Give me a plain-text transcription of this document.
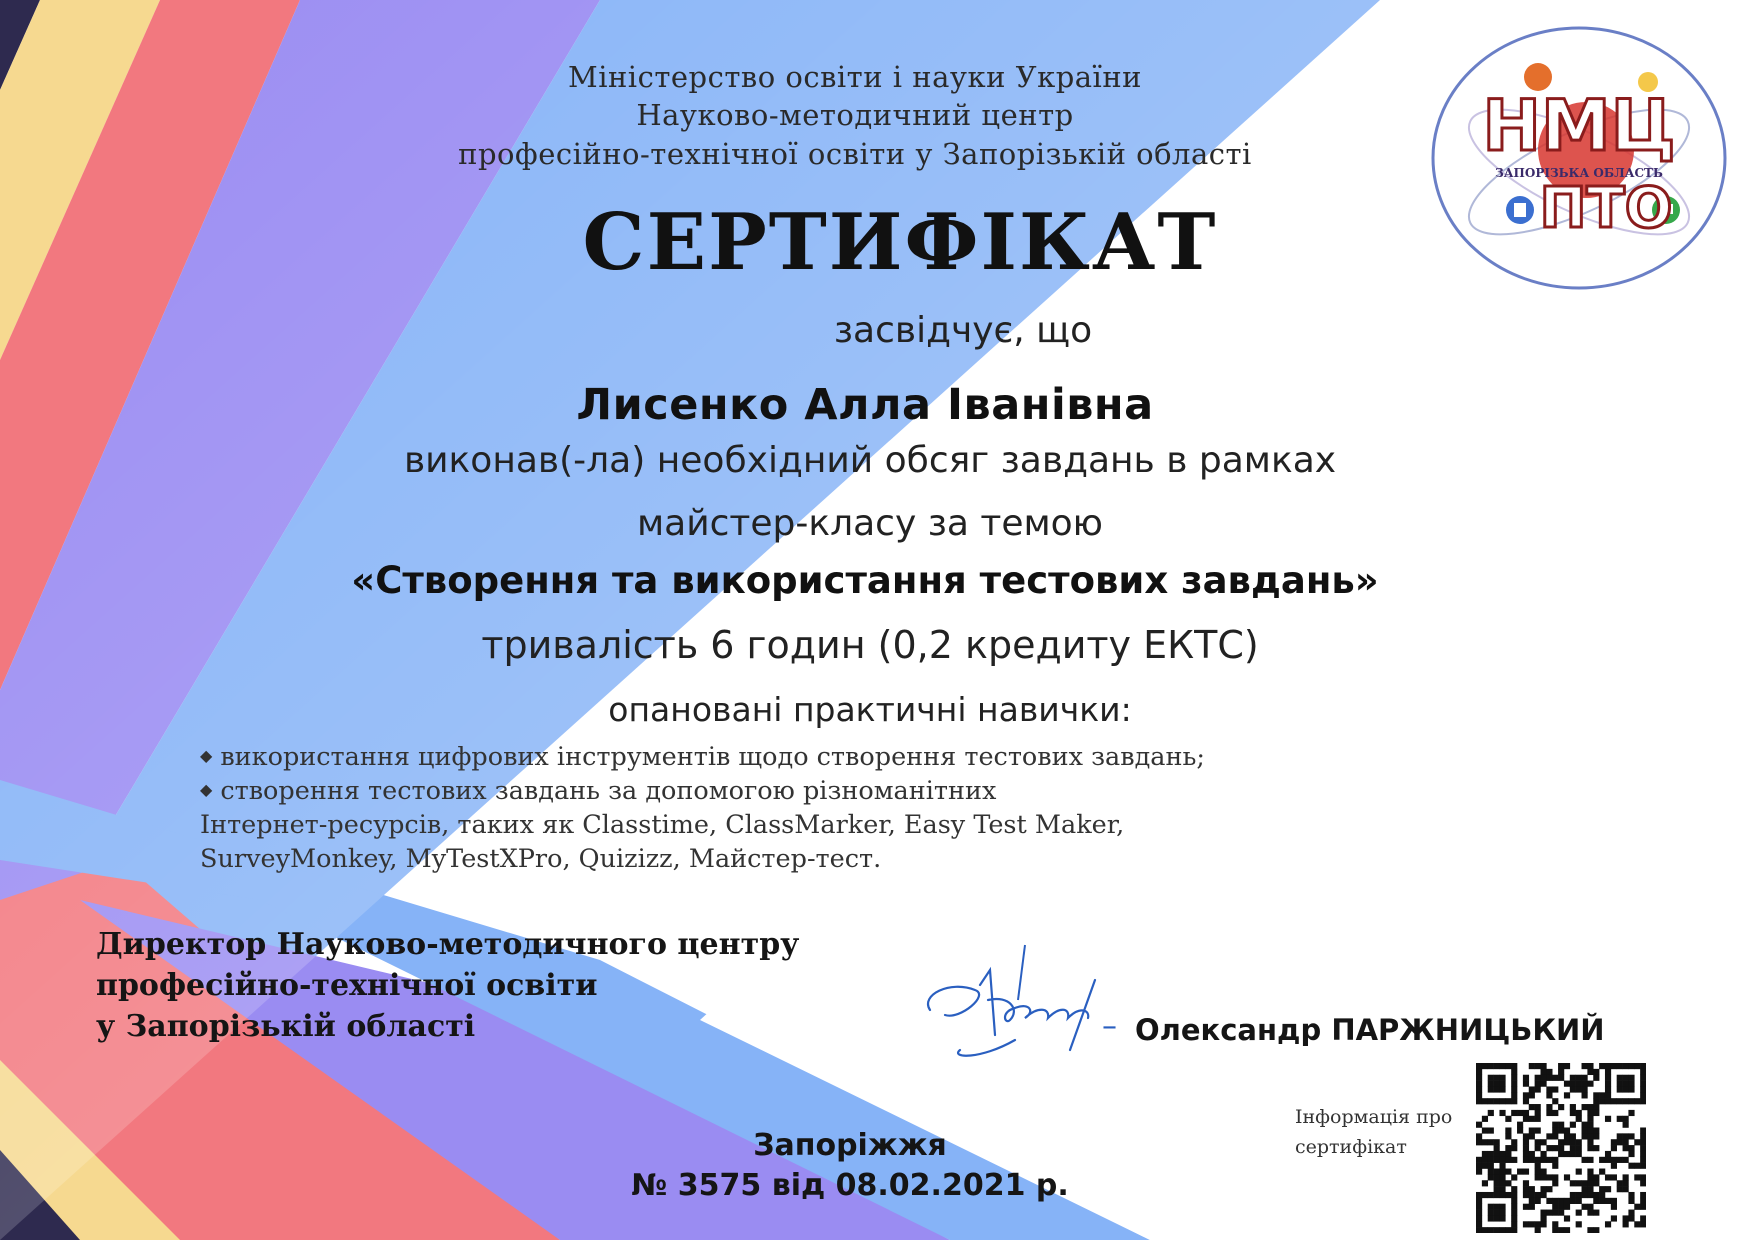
НМЦ
ЗАПОРІЗЬКА ОБЛАСТЬ
ПТО
Міністерство освіти і науки України
Науково-методичний центр
професійно-технічної освіти у Запорізькій області
СЕРТИФІКАТ
засвідчує, що
Лисенко Алла Іванівна
виконав(-ла) необхідний обсяг завдань в рамках
майстер-класу за темою
«Створення та використання тестових завдань»
тривалість 6 годин (0,2 кредиту ЕКТС)
опановані практичні навички:
◆ використання цифрових інструментів щодо створення тестових завдань;
◆ створення тестових завдань за допомогою різноманітних
Інтернет-ресурсів, таких як Classtime, ClassMarker, Easy Test Maker,
SurveyMonkey, MyTestXPro, Quizizz, Майстер-тест.
Директор Науково-методичного центру
професійно-технічної освіти
у Запорізькій області	– Олександр ПАРЖНИЦЬКИЙ
Запоріжжя
№ 3575 від 08.02.2021 р.
Інформація про
сертифікат
